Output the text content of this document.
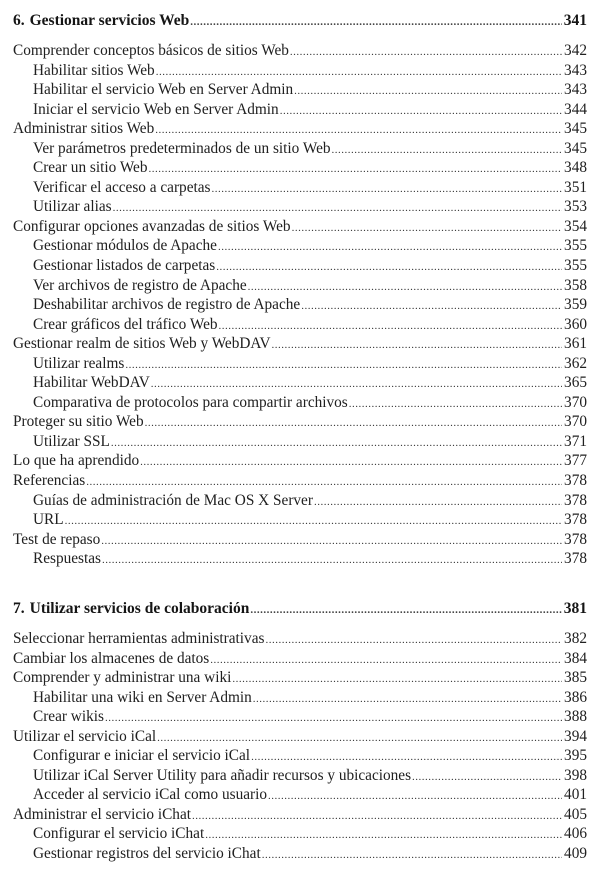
6. Gestionar servicios Web .....	341
Comprender conceptos básicos de sitios Web .....	342
Habilitar sitios Web .....	343
Habilitar el servicio Web en Server Admin .....	343
Iniciar el servicio Web en Server Admin .....	344
Administrar sitios Web .....	345
Ver parámetros predeterminados de un sitio Web .....	345
Crear un sitio Web .....	348
Verificar el acceso a carpetas .....	351
Utilizar alias .....	353
Configurar opciones avanzadas de sitios Web .....	354
Gestionar módulos de Apache .....	355
Gestionar listados de carpetas .....	355
Ver archivos de registro de Apache .....	358
Deshabilitar archivos de registro de Apache .....	359
Crear gráficos del tráfico Web .....	360
Gestionar realm de sitios Web y WebDAV .....	361
Utilizar realms .....	362
Habilitar WebDAV .....	365
Comparativa de protocolos para compartir archivos .....	370
Proteger su sitio Web .....	370
Utilizar SSL .....	371
Lo que ha aprendido .....	377
Referencias .....	378
Guías de administración de Mac OS X Server .....	378
URL .....	378
Test de repaso .....	378
Respuestas .....	378
7. Utilizar servicios de colaboración .....	381
Seleccionar herramientas administrativas .....	382
Cambiar los almacenes de datos .....	384
Comprender y administrar una wiki .....	385
Habilitar una wiki en Server Admin .....	386
Crear wikis .....	388
Utilizar el servicio iCal .....	394
Configurar e iniciar el servicio iCal .....	395
Utilizar iCal Server Utility para añadir recursos y ubicaciones .....	398
Acceder al servicio iCal como usuario .....	401
Administrar el servicio iChat .....	405
Configurar el servicio iChat .....	406
Gestionar registros del servicio iChat .....	409
